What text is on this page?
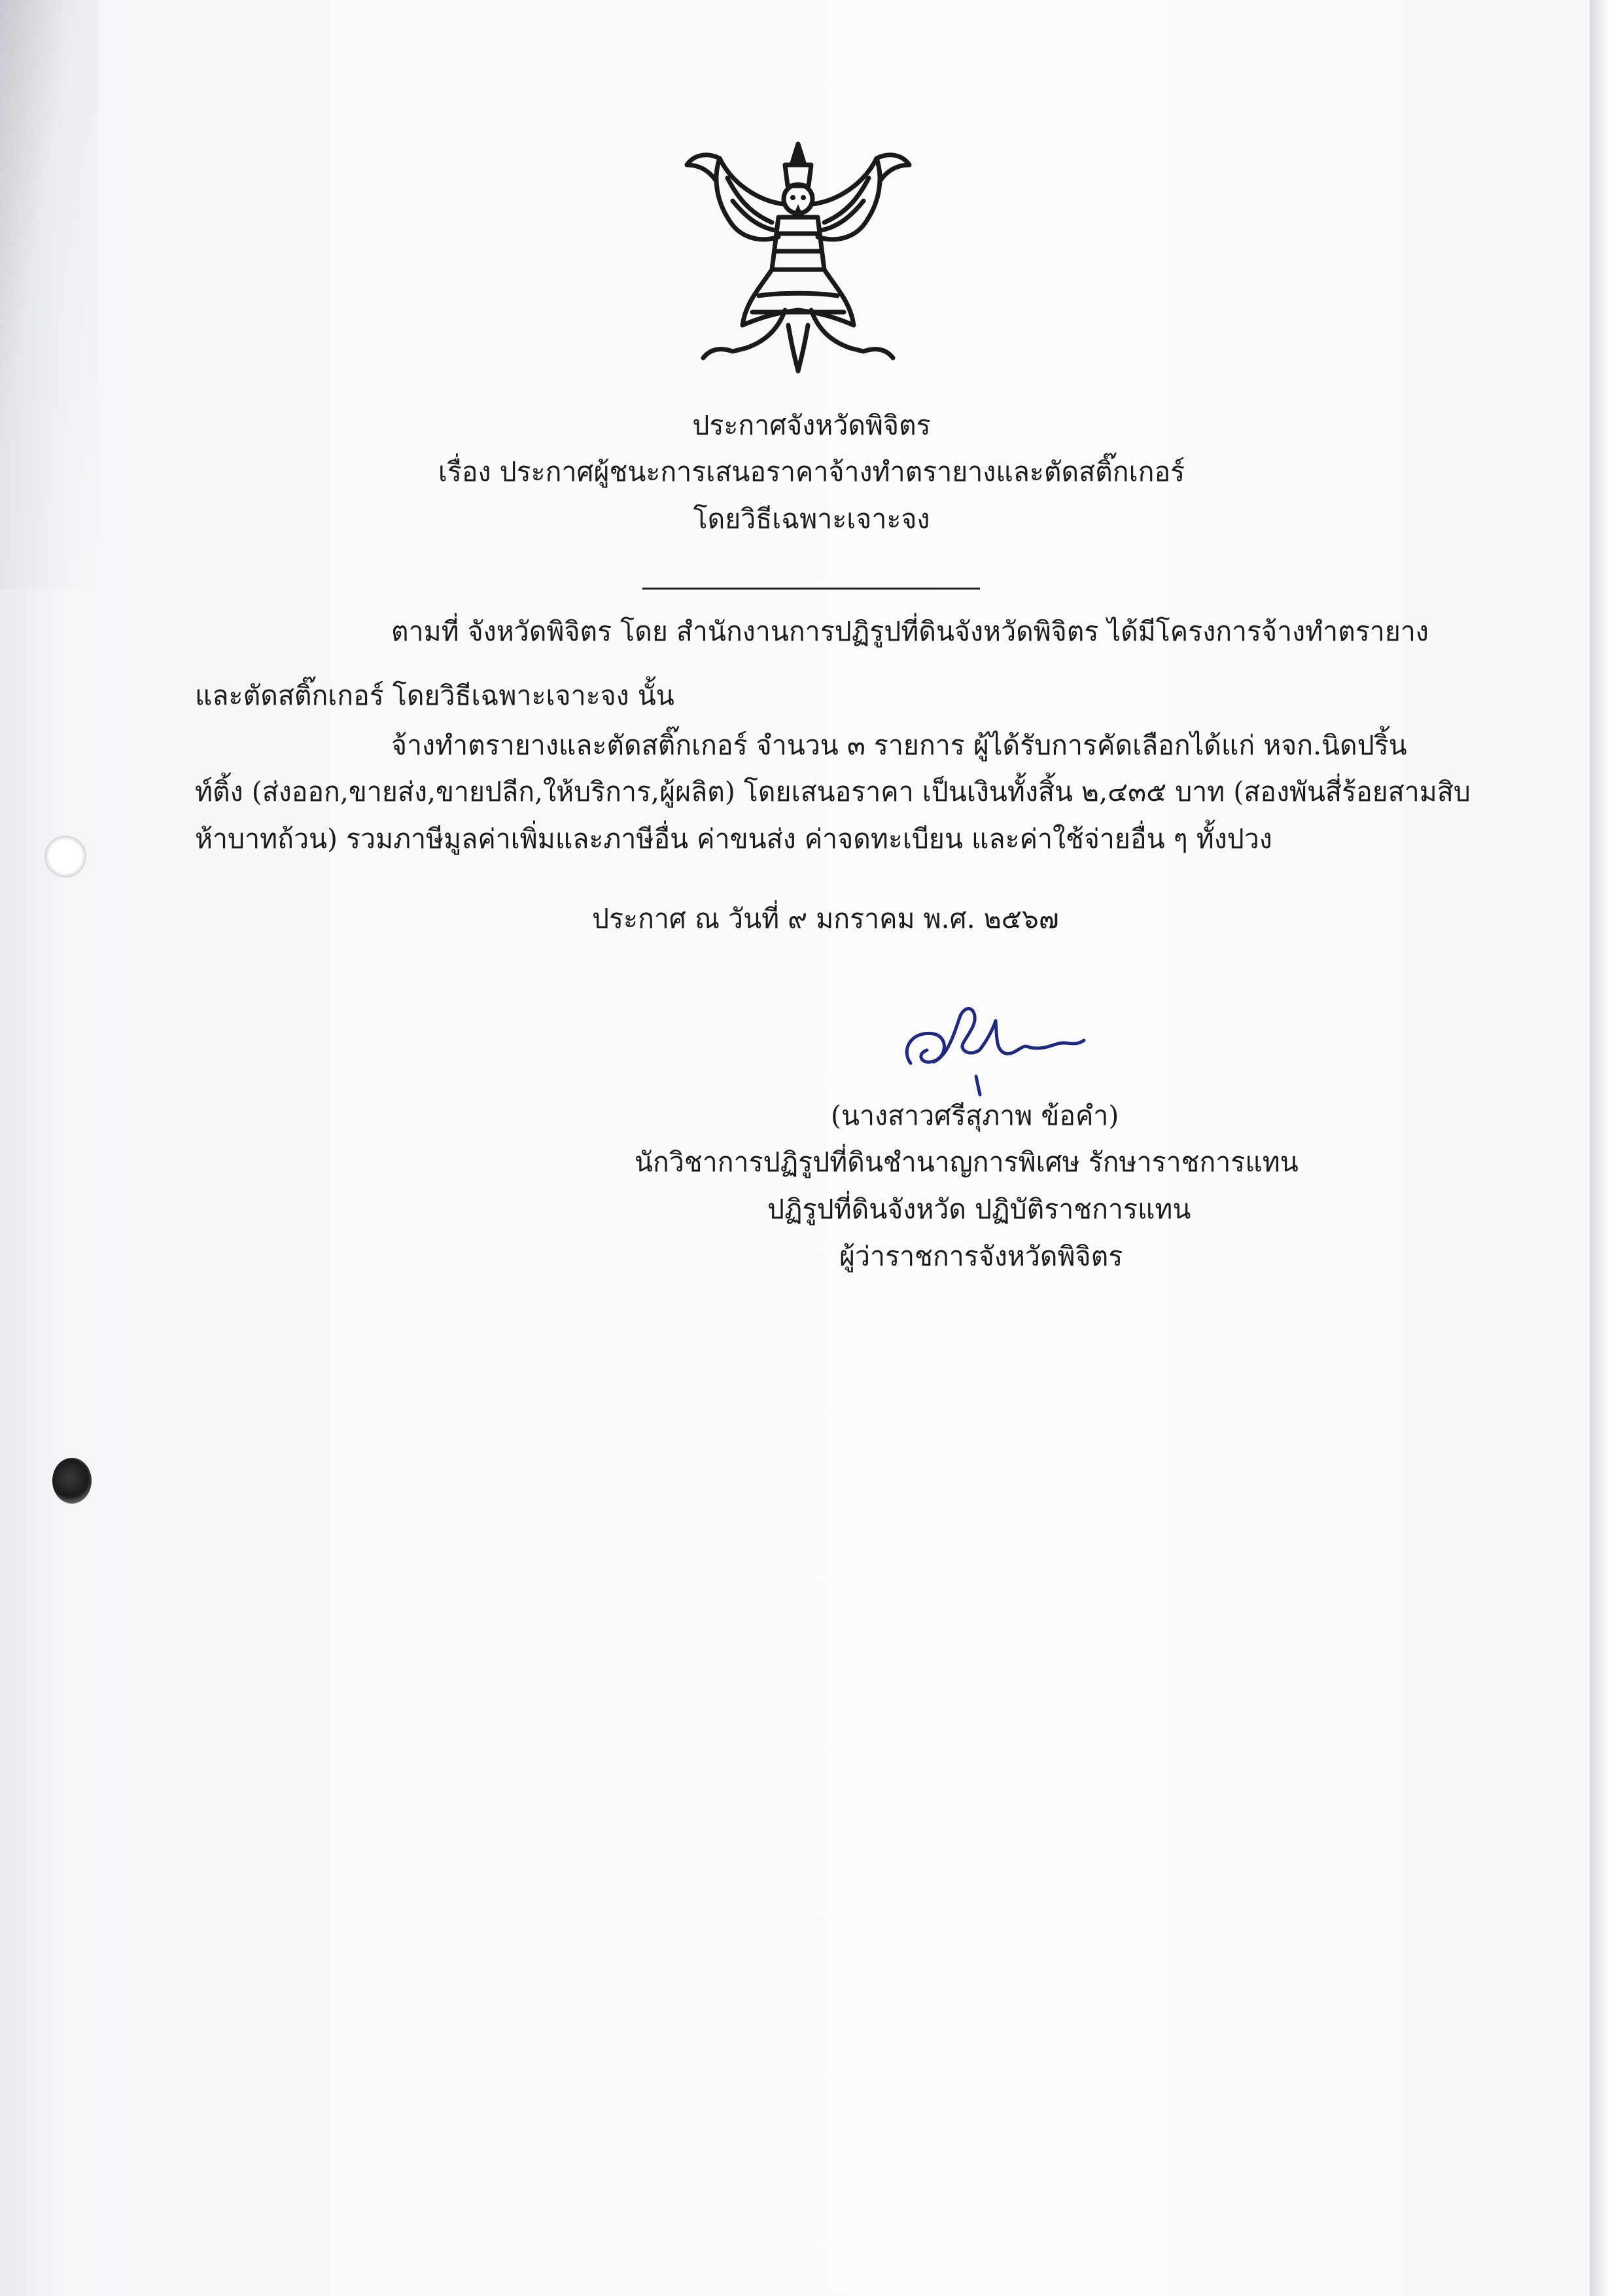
ประกาศจังหวัดพิจิตร
เรื่อง ประกาศผู้ชนะการเสนอราคาจ้างทำตรายางและตัดสติ๊กเกอร์
โดยวิธีเฉพาะเจาะจง
ตามที่ จังหวัดพิจิตร โดย สำนักงานการปฏิรูปที่ดินจังหวัดพิจิตร ได้มีโครงการจ้างทำตรายาง
และตัดสติ๊กเกอร์ โดยวิธีเฉพาะเจาะจง นั้น
จ้างทำตรายางและตัดสติ๊กเกอร์ จำนวน ๓ รายการ ผู้ได้รับการคัดเลือกได้แก่ หจก.นิดปริ้น
ท์ติ้ง (ส่งออก,ขายส่ง,ขายปลีก,ให้บริการ,ผู้ผลิต) โดยเสนอราคา เป็นเงินทั้งสิ้น ๒,๔๓๕ บาท (สองพันสี่ร้อยสามสิบ
ห้าบาทถ้วน) รวมภาษีมูลค่าเพิ่มและภาษีอื่น ค่าขนส่ง ค่าจดทะเบียน และค่าใช้จ่ายอื่น ๆ ทั้งปวง
ประกาศ ณ วันที่ ๙ มกราคม พ.ศ. ๒๕๖๗
(นางสาวศรีสุภาพ ข้อคำ)
นักวิชาการปฏิรูปที่ดินชำนาญการพิเศษ รักษาราชการแทน
ปฏิรูปที่ดินจังหวัด ปฏิบัติราชการแทน
ผู้ว่าราชการจังหวัดพิจิตร
